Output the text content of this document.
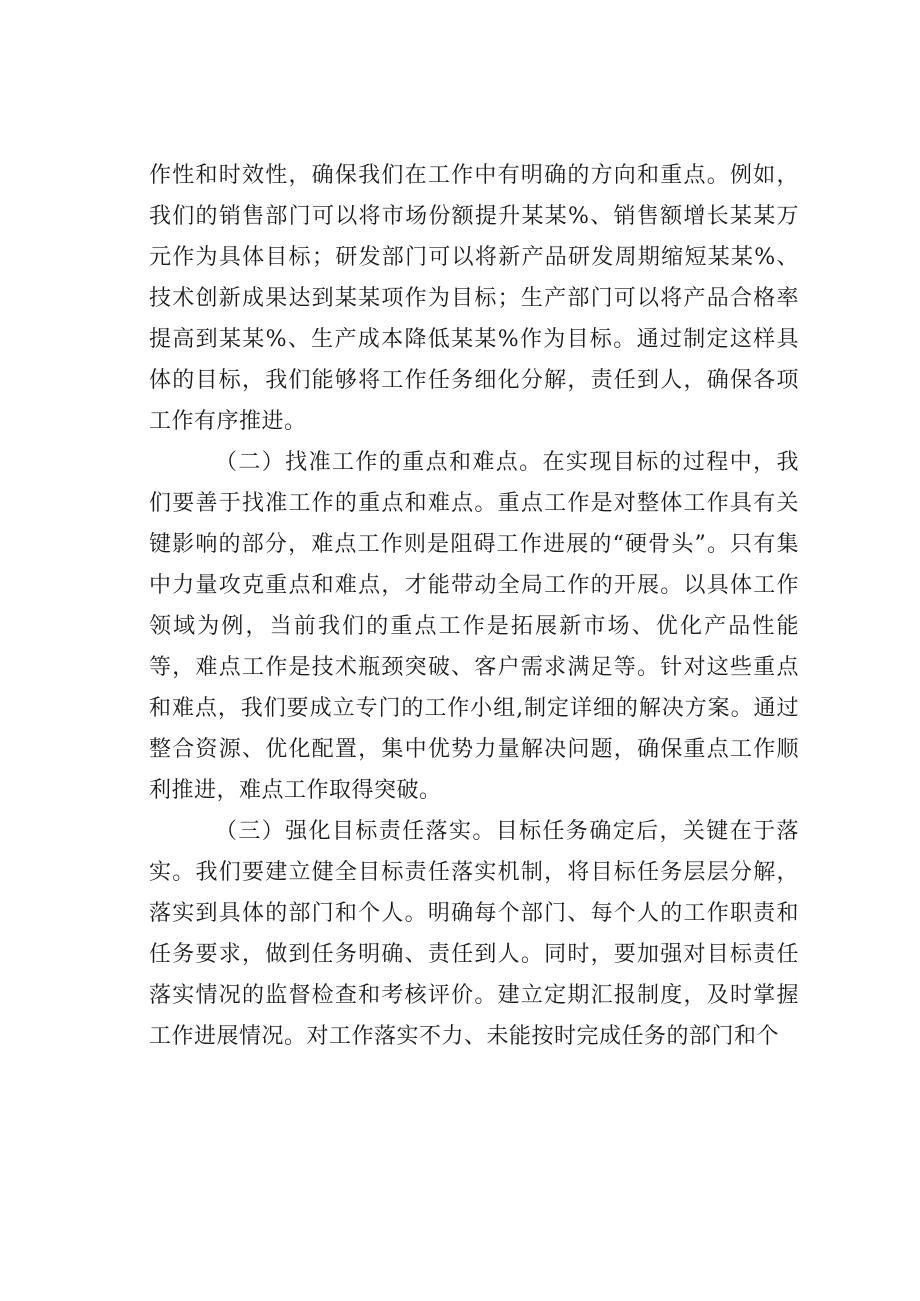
作性和时效性，确保我们在工作中有明确的方向和重点。例如，我们的销售部门可以将市场份额提升某某%、销售额增长某某万元作为具体目标；研发部门可以将新产品研发周期缩短某某%、技术创新成果达到某某项作为目标；生产部门可以将产品合格率提高到某某%、生产成本降低某某%作为目标。通过制定这样具体的目标，我们能够将工作任务细化分解，责任到人，确保各项工作有序推进。

（二）找准工作的重点和难点。在实现目标的过程中，我们要善于找准工作的重点和难点。重点工作是对整体工作具有关键影响的部分，难点工作则是阻碍工作进展的“硬骨头”。只有集中力量攻克重点和难点，才能带动全局工作的开展。以具体工作领域为例，当前我们的重点工作是拓展新市场、优化产品性能等，难点工作是技术瓶颈突破、客户需求满足等。针对这些重点和难点，我们要成立专门的工作小组,制定详细的解决方案。通过整合资源、优化配置，集中优势力量解决问题，确保重点工作顺利推进，难点工作取得突破。

（三）强化目标责任落实。目标任务确定后，关键在于落实。我们要建立健全目标责任落实机制，将目标任务层层分解，落实到具体的部门和个人。明确每个部门、每个人的工作职责和任务要求，做到任务明确、责任到人。同时，要加强对目标责任落实情况的监督检查和考核评价。建立定期汇报制度，及时掌握工作进展情况。对工作落实不力、未能按时完成任务的部门和个
